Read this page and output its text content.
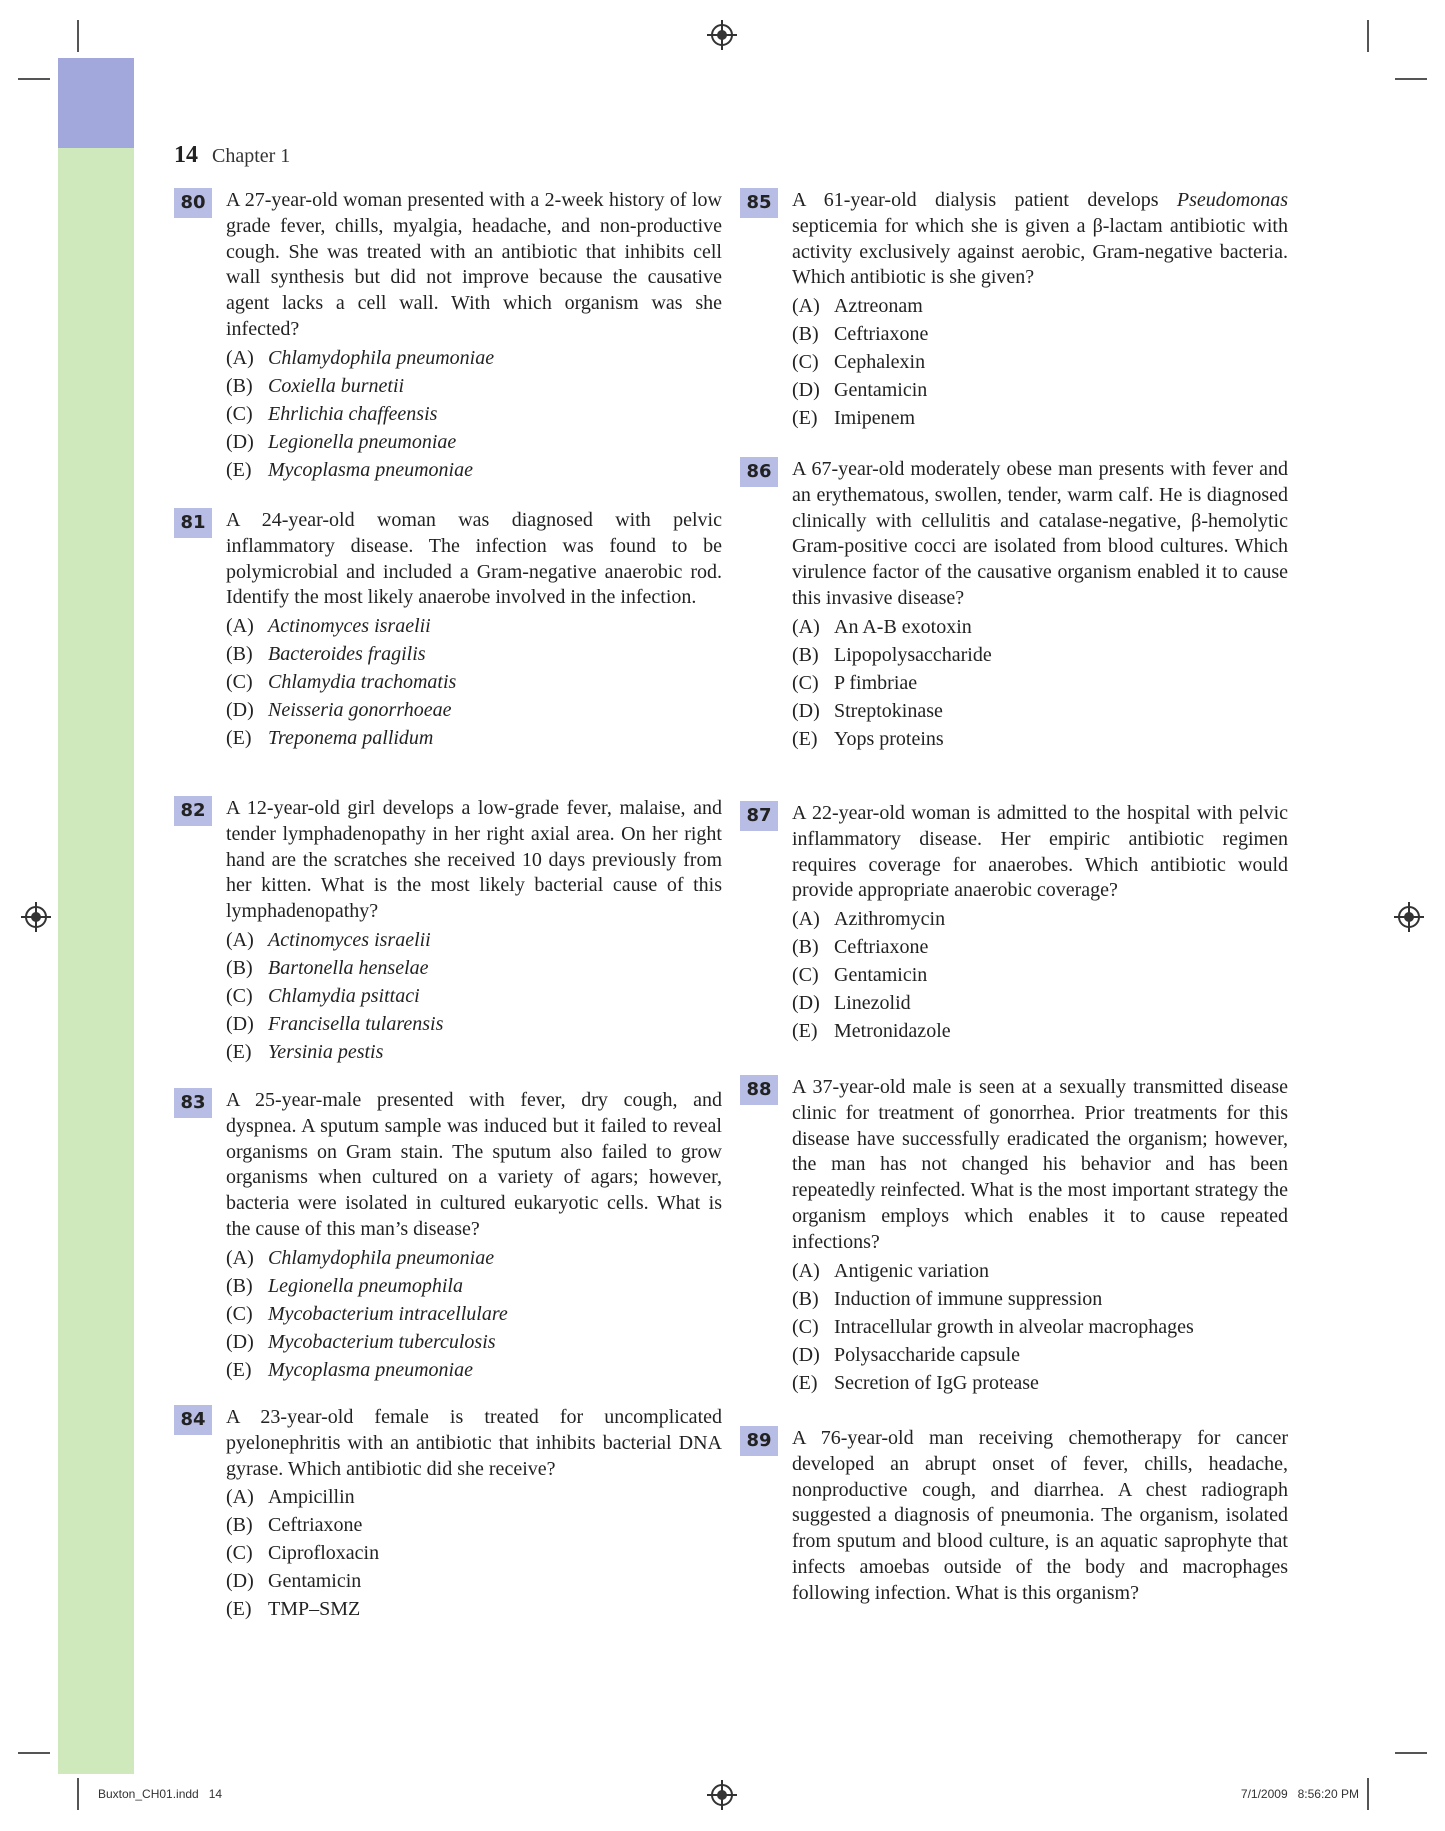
14 Chapter 1
80	A 27-year-old woman presented with a 2-week history of low grade fever, chills, myalgia, headache, and non-productive cough. She was treated with an antibiotic that inhibits cell wall synthesis but did not improve because the causative agent lacks a cell wall. With which organism was she infected?
(A) Chlamydophila pneumoniae
(B) Coxiella burnetii
(C) Ehrlichia chaffeensis
(D) Legionella pneumoniae
(E) Mycoplasma pneumoniae
81	A 24-year-old woman was diagnosed with pelvic inflammatory disease. The infection was found to be polymicrobial and included a Gram-negative anaerobic rod. Identify the most likely anaerobe involved in the infection.
(A) Actinomyces israelii
(B) Bacteroides fragilis
(C) Chlamydia trachomatis
(D) Neisseria gonorrhoeae
(E) Treponema pallidum
82	A 12-year-old girl develops a low-grade fever, malaise, and tender lymphadenopathy in her right axial area. On her right hand are the scratches she received 10 days previously from her kitten. What is the most likely bacterial cause of this lymphadenopathy?
(A) Actinomyces israelii
(B) Bartonella henselae
(C) Chlamydia psittaci
(D) Francisella tularensis
(E) Yersinia pestis
83	A 25-year-male presented with fever, dry cough, and dyspnea. A sputum sample was induced but it failed to reveal organisms on Gram stain. The sputum also failed to grow organisms when cultured on a variety of agars; however, bacteria were isolated in cultured eukaryotic cells. What is the cause of this man’s disease?
(A) Chlamydophila pneumoniae
(B) Legionella pneumophila
(C) Mycobacterium intracellulare
(D) Mycobacterium tuberculosis
(E) Mycoplasma pneumoniae
84	A 23-year-old female is treated for uncomplicated pyelonephritis with an antibiotic that inhibits bacterial DNA gyrase. Which antibiotic did she receive?
(A) Ampicillin
(B) Ceftriaxone
(C) Ciprofloxacin
(D) Gentamicin
(E) TMP–SMZ
85	A 61-year-old dialysis patient develops Pseudomonas septicemia for which she is given a β-lactam antibiotic with activity exclusively against aerobic, Gram-negative bacteria. Which antibiotic is she given?
(A) Aztreonam
(B) Ceftriaxone
(C) Cephalexin
(D) Gentamicin
(E) Imipenem
86	A 67-year-old moderately obese man presents with fever and an erythematous, swollen, tender, warm calf. He is diagnosed clinically with cellulitis and catalase-negative, β-hemolytic Gram-positive cocci are isolated from blood cultures. Which virulence factor of the causative organism enabled it to cause this invasive disease?
(A) An A-B exotoxin
(B) Lipopolysaccharide
(C) P fimbriae
(D) Streptokinase
(E) Yops proteins
87	A 22-year-old woman is admitted to the hospital with pelvic inflammatory disease. Her empiric antibiotic regimen requires coverage for anaerobes. Which antibiotic would provide appropriate anaerobic coverage?
(A) Azithromycin
(B) Ceftriaxone
(C) Gentamicin
(D) Linezolid
(E) Metronidazole
88	A 37-year-old male is seen at a sexually transmitted disease clinic for treatment of gonorrhea. Prior treatments for this disease have successfully eradicated the organism; however, the man has not changed his behavior and has been repeatedly reinfected. What is the most important strategy the organism employs which enables it to cause repeated infections?
(A) Antigenic variation
(B) Induction of immune suppression
(C) Intracellular growth in alveolar macrophages
(D) Polysaccharide capsule
(E) Secretion of IgG protease
89	A 76-year-old man receiving chemotherapy for cancer developed an abrupt onset of fever, chills, headache, nonproductive cough, and diarrhea. A chest radiograph suggested a diagnosis of pneumonia. The organism, isolated from sputum and blood culture, is an aquatic saprophyte that infects amoebas outside of the body and macrophages following infection. What is this organism?
Buxton_CH01.indd   14	7/1/2009   8:56:20 PM
